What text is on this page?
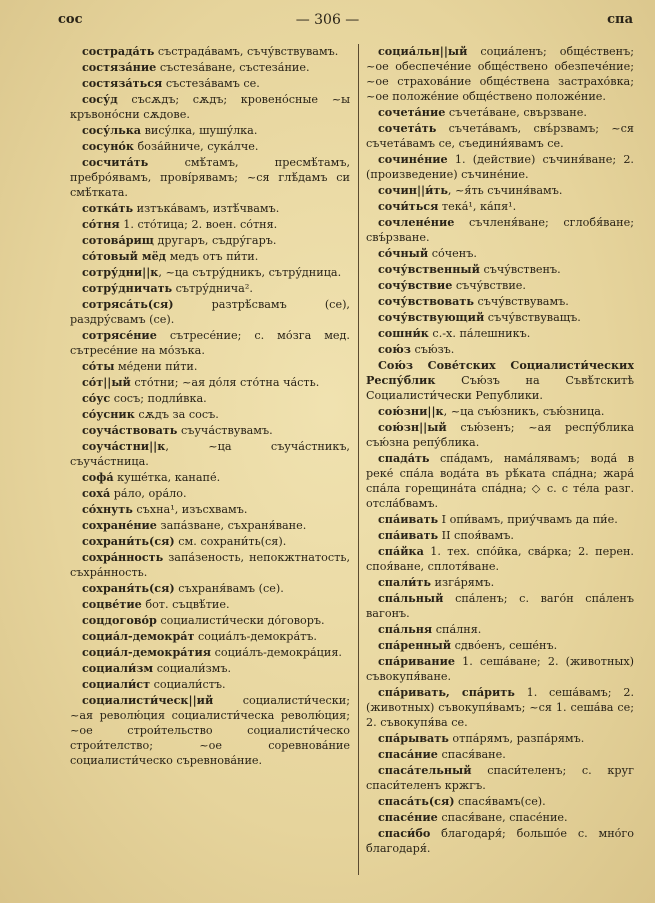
сос	— 306 —	спа
сострада́ть състрада́вамъ, съчу́вствувамъ.
состяза́ние състеза́ване, състеза́ние.
состяза́ться състеза́вамъ се.
сосу́д съсѫдъ; сѫдъ; кровено́сные ~ы кръвоно́сни сѫдове.
сосу́лька вису́лка, шушу́лка.
сосуно́к боза́йниче, сука́лче.
сосчита́ть смѣ́тамъ, пресмѣ́тамъ, пребро́явамъ, прові́рявамъ; ~ся глѣ́дамъ си смѣ́тката.
сотка́ть изтъка́вамъ, изтѣ́чвамъ.
со́тня 1. сто́тица; 2. воен. со́тня.
сотова́рищ другаръ, съдру́гаръ.
со́товый мёд медъ отъ пи́ти.
сотру́дни||к, ~ца сътру́дникъ, сътру́дница.
сотру́дничать сътру́днича².
сотряса́ть(ся) разтрѣ́свамъ (се), раздру́свамъ (се).
сотрясе́ние сътресе́ние; с. мо́зга мед. сътресе́ние на мо́зъка.
со́ты ме́дени пи́ти.
со́т||ый сто́тни; ~ая до́ля сто́тна ча́сть.
со́ус сосъ; подли́вка.
со́усник сѫдъ за сосъ.
соуча́ствовать съуча́ствувамъ.
соуча́стни||к, ~ца съуча́стникъ, съуча́стница.
софа́ куше́тка, канапе́.
соха́ ра́ло, ора́ло.
со́хнуть съхна¹, изъсхвамъ.
сохране́ние запа́зване, съхраня́ване.
сохрани́ть(ся) см. сохрани́ть(ся).
сохра́нность запа́зеность, непокжтнатость, съхра́нность.
сохраня́ть(ся) съхраня́вамъ (се).
соцве́тие бот. съцвѣ́тие.
соцдогово́р социалисти́чески до́говоръ.
социа́л-демокра́т социа́лъ-демокра́тъ.
социа́л-демокра́тия социа́лъ-демокра́ция.
социали́зм социали́змъ.
социали́ст социали́стъ.
социалисти́ческ||ий социалисти́чески; ~ая револю́ция социалисти́ческа револю́ция; ~ое строи́тельство социалисти́ческо строи́телство; ~ое соревнова́ние социалисти́ческо съревнова́ние.
социа́льн||ый социа́ленъ; обще́ственъ; ~ое обеспече́ние обще́ствено обезпече́ние; ~ое страхова́ние обще́ствена застрахо́вка; ~ое положе́ние обще́ствено положе́ние.
сочета́ние съчета́ване, свързване.
сочета́ть съчета́вамъ, свъ́рзвамъ; ~ся съчета́вамъ се, съедини́явамъ се.
сочине́ние 1. (действие) съчиня́ване; 2. (произведение) съчине́ние.
сочин||и́ть, ~я́ть съчиня́вамъ.
сочи́ться тека́¹, ка́пя¹.
сочлене́ние съчленя́ване; сглобя́ване; свъ́рзване.
со́чный со́ченъ.
сочу́вственный съчу́вственъ.
сочу́вствие съчу́вствие.
сочу́вствовать съчу́вствувамъ.
сочу́вствующий съчу́вствуващъ.
сошни́к с.-х. па́лешникъ.
сою́з съю́зъ.
Сою́з Сове́тских Социалисти́ческих Респу́блик Съю́зъ на Съвѣ́тскитѣ Социалисти́чески Републики.
сою́зни||к, ~ца съю́зникъ, съю́зница.
сою́зн||ый съю́зенъ; ~ая респу́блика съю́зна репу́блика.
спада́ть спа́дамъ, нама́лявамъ; вода́ в реке́ спа́ла вода́та въ рѣ́ката спа́дна; жара́ спа́ла горещина́та спа́дна; ◇ с. с те́ла разг. отсла́бвамъ.
спа́ивать I опи́вамъ, приу́чвамъ да пи́е.
спа́ивать II споя́вамъ.
спа́йка 1. тех. спо́йка, сва́рка; 2. перен. споя́ване, сплотя́ване.
спали́ть изга́рямъ.
спа́льный спа́ленъ; с. ваго́н спа́ленъ вагонъ.
спа́льня спа́лня.
спа́ренный сдво́енъ, сеше́нъ.
спа́ривание 1. сеша́ване; 2. (животных) съвокупя́ване.
спа́ривать, спа́рить 1. сеша́вамъ; 2. (животных) съвокупя́вамъ; ~ся 1. сеша́ва се; 2. съвокупя́ва се.
спа́рывать отпа́рямъ, разпа́рямъ.
спаса́ние спася́ване.
спаса́тельный спаси́теленъ; с. круг спаси́теленъ кржгъ.
спаса́ть(ся) спася́вамъ(се).
спасе́ние спася́ване, спасе́ние.
спаси́бо благодаря́; большо́е с. мно́го благодаря́.
